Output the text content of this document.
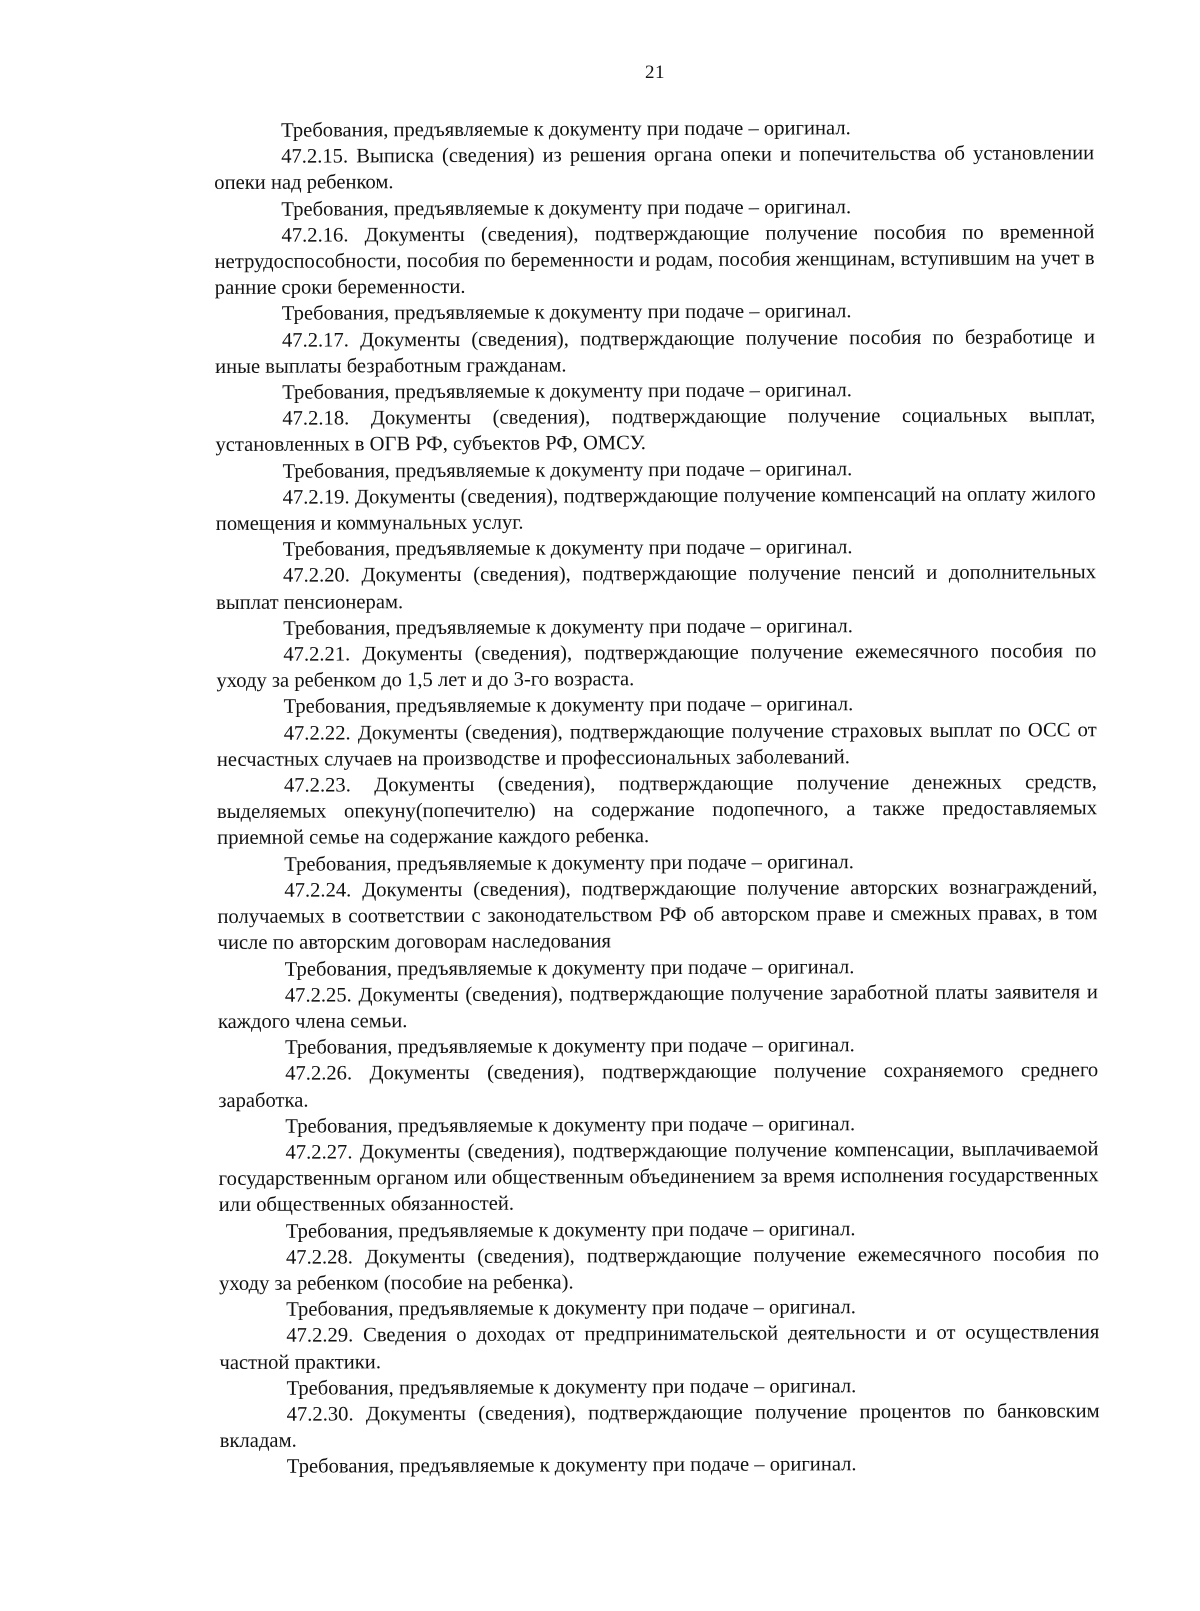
21

Требования, предъявляемые к документу при подаче – оригинал.

47.2.15. Выписка (сведения) из решения органа опеки и попечительства об установлении опеки над ребенком.

Требования, предъявляемые к документу при подаче – оригинал.

47.2.16. Документы (сведения), подтверждающие получение пособия по временной нетрудоспособности, пособия по беременности и родам, пособия женщинам, вступившим на учет в ранние сроки беременности.

Требования, предъявляемые к документу при подаче – оригинал.

47.2.17. Документы (сведения), подтверждающие получение пособия по безработице и иные выплаты безработным гражданам.

Требования, предъявляемые к документу при подаче – оригинал.

47.2.18. Документы (сведения), подтверждающие получение социальных выплат, установленных в ОГВ РФ, субъектов РФ, ОМСУ.

Требования, предъявляемые к документу при подаче – оригинал.

47.2.19. Документы (сведения), подтверждающие получение компенсаций на оплату жилого помещения и коммунальных услуг.

Требования, предъявляемые к документу при подаче – оригинал.

47.2.20. Документы (сведения), подтверждающие получение пенсий и дополнительных выплат пенсионерам.

Требования, предъявляемые к документу при подаче – оригинал.

47.2.21. Документы (сведения), подтверждающие получение ежемесячного пособия по уходу за ребенком до 1,5 лет и до 3-го возраста.

Требования, предъявляемые к документу при подаче – оригинал.

47.2.22. Документы (сведения), подтверждающие получение страховых выплат по ОСС от несчастных случаев на производстве и профессиональных заболеваний.

47.2.23. Документы (сведения), подтверждающие получение денежных средств, выделяемых опекуну(попечителю) на содержание подопечного, а также предоставляемых приемной семье на содержание каждого ребенка.

Требования, предъявляемые к документу при подаче – оригинал.

47.2.24. Документы (сведения), подтверждающие получение авторских вознаграждений, получаемых в соответствии с законодательством РФ об авторском праве и смежных правах, в том числе по авторским договорам наследования

Требования, предъявляемые к документу при подаче – оригинал.

47.2.25. Документы (сведения), подтверждающие получение заработной платы заявителя и каждого члена семьи.

Требования, предъявляемые к документу при подаче – оригинал.

47.2.26. Документы (сведения), подтверждающие получение сохраняемого среднего заработка.

Требования, предъявляемые к документу при подаче – оригинал.

47.2.27. Документы (сведения), подтверждающие получение компенсации, выплачиваемой государственным органом или общественным объединением за время исполнения государственных или общественных обязанностей.

Требования, предъявляемые к документу при подаче – оригинал.

47.2.28. Документы (сведения), подтверждающие получение ежемесячного пособия по уходу за ребенком (пособие на ребенка).

Требования, предъявляемые к документу при подаче – оригинал.

47.2.29. Сведения о доходах от предпринимательской деятельности и от осуществления частной практики.

Требования, предъявляемые к документу при подаче – оригинал.

47.2.30. Документы (сведения), подтверждающие получение процентов по банковским вкладам.

Требования, предъявляемые к документу при подаче – оригинал.
